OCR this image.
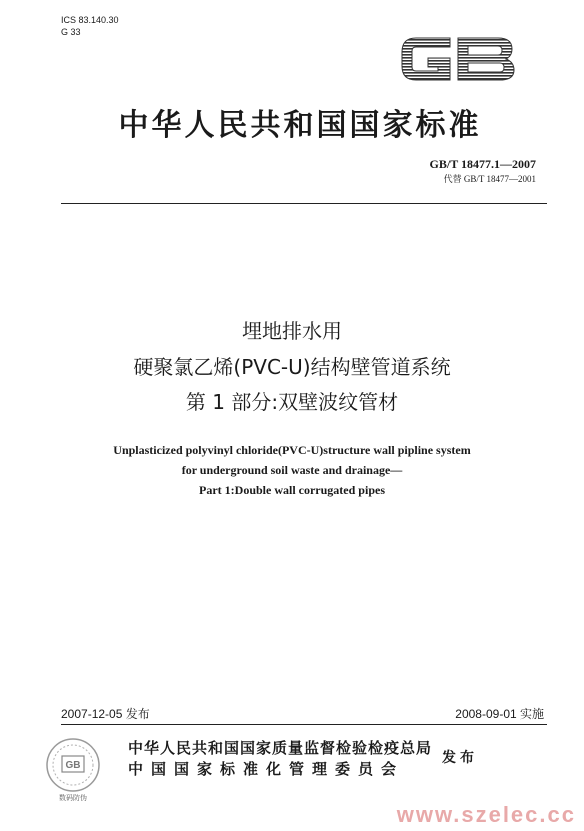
ICS 83.140.30
G 33
中华人民共和国国家标准
GB/T 18477.1—2007
代替 GB/T 18477—2001
埋地排水用
硬聚氯乙烯(PVC-U)结构壁管道系统
第 1 部分:双壁波纹管材
Unplasticized polyvinyl chloride(PVC-U)structure wall pipline system
for underground soil waste and drainage—
Part 1:Double wall corrugated pipes
2007-12-05 发布	2008-09-01 实施
GB
数码防伪
中华人民共和国国家质量监督检验检疫总局
中国国家标准化管理委员会
发布
www.szelec.cc
